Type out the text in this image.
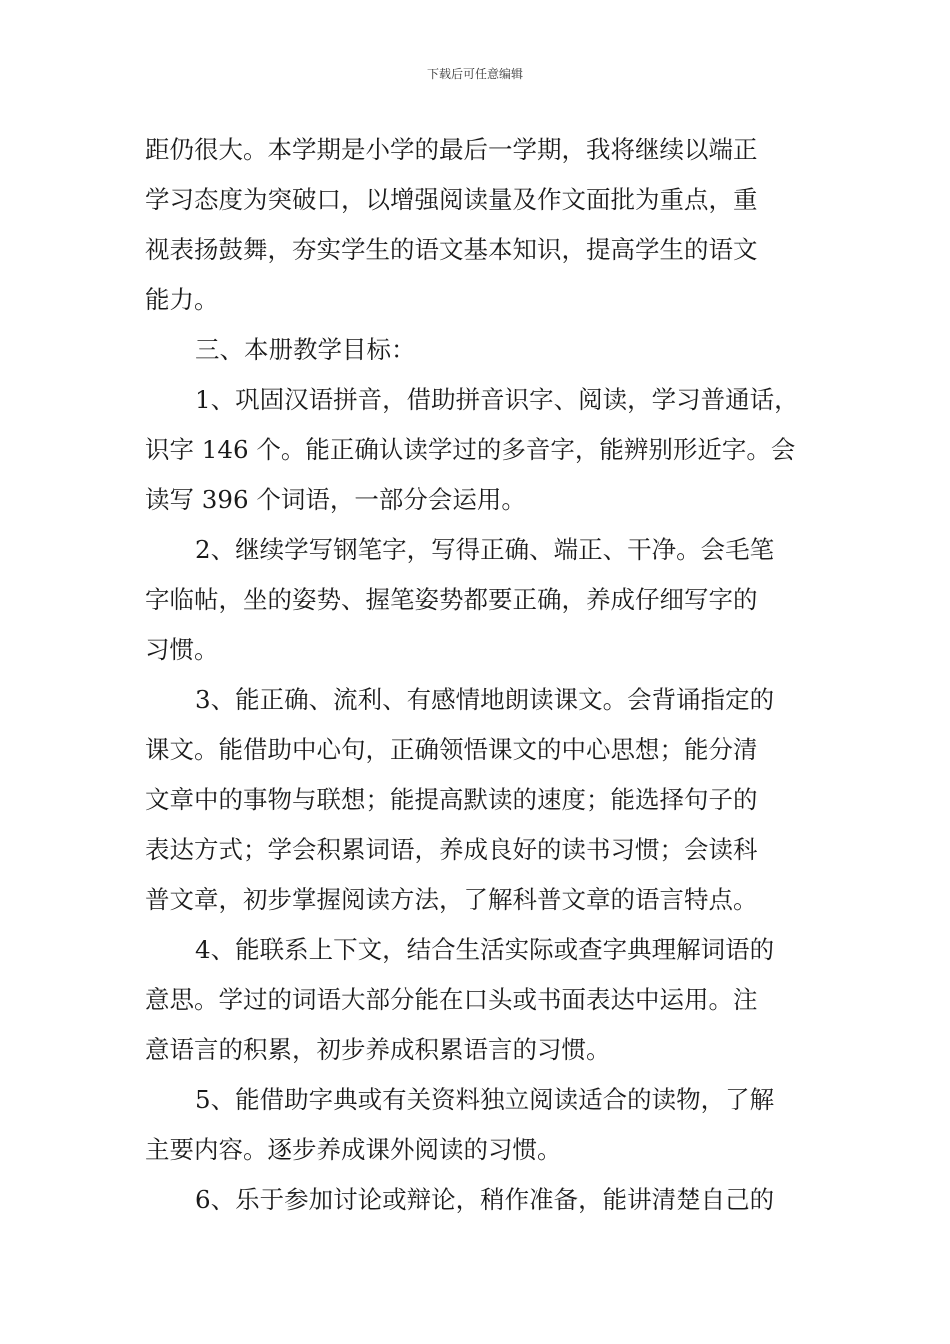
下载后可任意编辑
距仍很大。本学期是小学的最后一学期，我将继续以端正
学习态度为突破口，以增强阅读量及作文面批为重点，重
视表扬鼓舞，夯实学生的语文基本知识，提高学生的语文
能力。
三、本册教学目标：
1、巩固汉语拼音，借助拼音识字、阅读，学习普通话，
识字 146 个。能正确认读学过的多音字，能辨别形近字。会
读写 396 个词语，一部分会运用。
2、继续学写钢笔字，写得正确、端正、干净。会毛笔
字临帖，坐的姿势、握笔姿势都要正确，养成仔细写字的
习惯。
3、能正确、流利、有感情地朗读课文。会背诵指定的
课文。能借助中心句，正确领悟课文的中心思想；能分清
文章中的事物与联想；能提高默读的速度；能选择句子的
表达方式；学会积累词语，养成良好的读书习惯；会读科
普文章，初步掌握阅读方法，了解科普文章的语言特点。
4、能联系上下文，结合生活实际或查字典理解词语的
意思。学过的词语大部分能在口头或书面表达中运用。注
意语言的积累，初步养成积累语言的习惯。
5、能借助字典或有关资料独立阅读适合的读物，了解
主要内容。逐步养成课外阅读的习惯。
6、乐于参加讨论或辩论，稍作准备，能讲清楚自己的
